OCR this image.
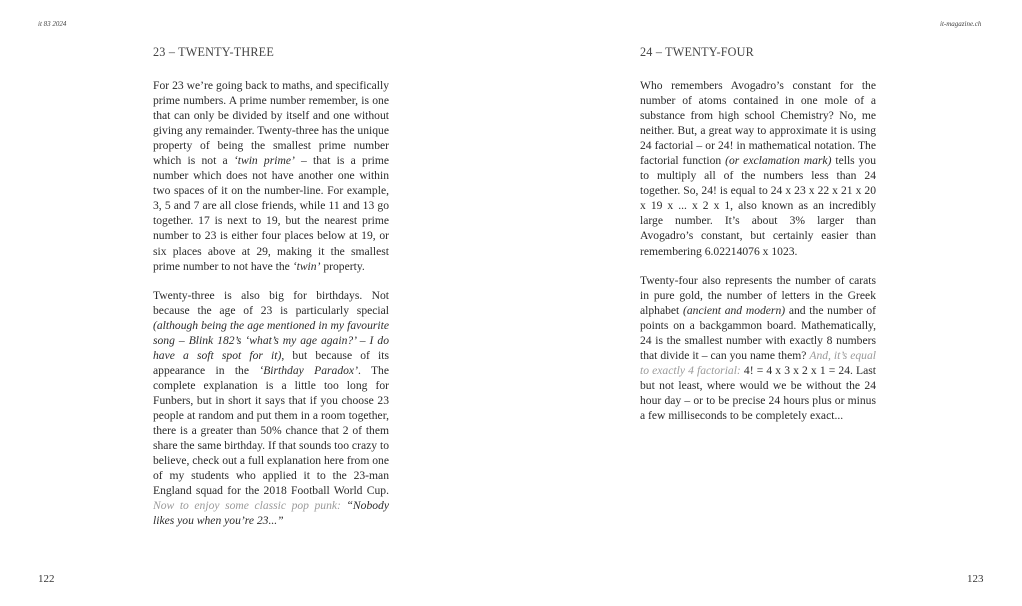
it 83 2024	it-magazine.ch
23 – TWENTY-THREE

For 23 we’re going back to maths, and specifically prime numbers. A prime number remember, is one that can only be divided by itself and one without giving any remainder. Twenty-three has the unique property of being the smallest prime number which is not a ‘twin prime’ – that is a prime number which does not have another one within two spaces of it on the number-line. For example, 3, 5 and 7 are all close friends, while 11 and 13 go together. 17 is next to 19, but the nearest prime number to 23 is either four places below at 19, or six places above at 29, making it the smallest prime number to not have the ‘twin’ property.

Twenty-three is also big for birthdays. Not because the age of 23 is particularly special (although being the age mentioned in my favourite song – Blink 182’s ‘what’s my age again?’ – I do have a soft spot for it), but because of its appearance in the ‘Birthday Paradox’. The complete explanation is a little too long for Funbers, but in short it says that if you choose 23 people at random and put them in a room together, there is a greater than 50% chance that 2 of them share the same birthday. If that sounds too crazy to believe, check out a full explanation here from one of my students who applied it to the 23-man England squad for the 2018 Football World Cup. Now to enjoy some classic pop punk: “Nobody likes you when you’re 23...”

24 – TWENTY-FOUR

Who remembers Avogadro’s constant for the number of atoms contained in one mole of a substance from high school Chemistry? No, me neither. But, a great way to approximate it is using 24 factorial – or 24! in mathematical notation. The factorial function (or exclamation mark) tells you to multiply all of the numbers less than 24 together. So, 24! is equal to 24 x 23 x 22 x 21 x 20 x 19 x ... x 2 x 1, also known as an incredibly large number. It’s about 3% larger than Avogadro’s constant, but certainly easier than remembering 6.02214076 x 1023.

Twenty-four also represents the number of carats in pure gold, the number of letters in the Greek alphabet (ancient and modern) and the number of points on a backgammon board. Mathematically, 24 is the smallest number with exactly 8 numbers that divide it – can you name them? And, it’s equal to exactly 4 factorial: 4! = 4 x 3 x 2 x 1 = 24. Last but not least, where would we be without the 24 hour day – or to be precise 24 hours plus or minus a few milliseconds to be completely exact...

122	123
